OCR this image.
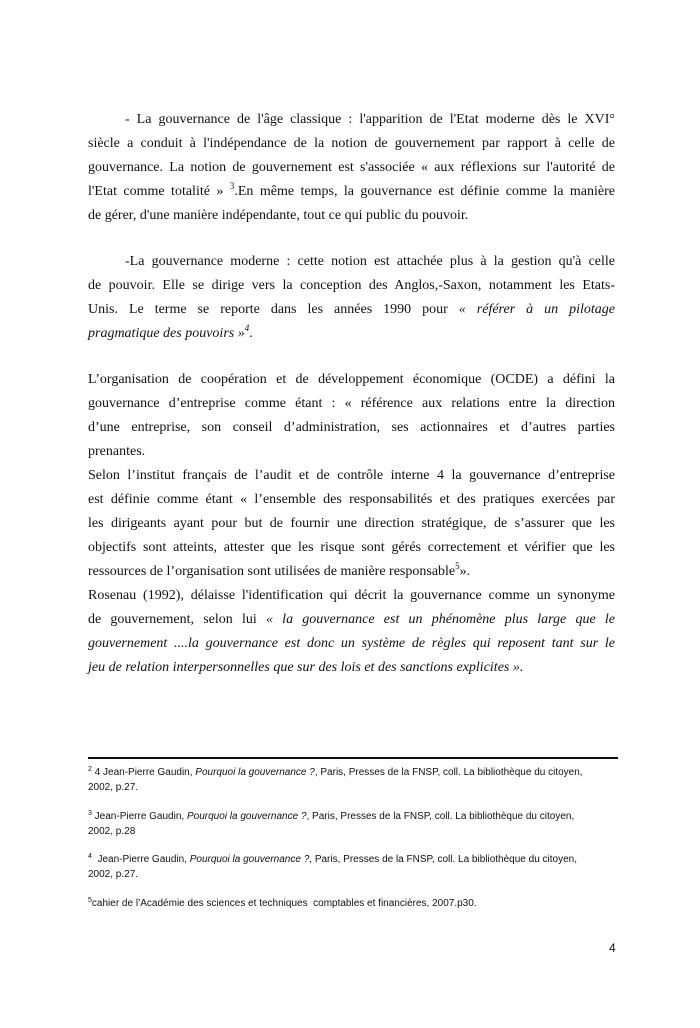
- La gouvernance de l'âge classique : l'apparition de l'Etat moderne dès le XVI°
siècle a conduit à l'indépendance de la notion de gouvernement par rapport à celle de
gouvernance. La notion de gouvernement est s'associée « aux réflexions sur l'autorité de
l'Etat comme totalité » $^3$.En même temps, la gouvernance est définie comme la manière
de gérer, d'une manière indépendante, tout ce qui public du pouvoir.
-La gouvernance moderne : cette notion est attachée plus à la gestion qu'à celle
de pouvoir. Elle se dirige vers la conception des Anglos,-Saxon, notamment les Etats-
Unis. Le terme se reporte dans les années 1990 pour « référer à un pilotage
pragmatique des pouvoirs »$^4$.
L’organisation de coopération et de développement économique (OCDE) a défini la
gouvernance d’entreprise comme étant : « référence aux relations entre la direction
d’une entreprise, son conseil d’administration, ses actionnaires et d’autres parties
prenantes.
Selon l’institut français de l’audit et de contrôle interne 4 la gouvernance d’entreprise
est définie comme étant « l’ensemble des responsabilités et des pratiques exercées par
les dirigeants ayant pour but de fournir une direction stratégique, de s’assurer que les
objectifs sont atteints, attester que les risque sont gérés correctement et vérifier que les
ressources de l’organisation sont utilisées de manière responsable$^5$».
Rosenau (1992), délaisse l'identification qui décrit la gouvernance comme un synonyme
de gouvernement, selon lui « la gouvernance est un phénomène plus large que le
gouvernement ....la gouvernance est donc un système de règles qui reposent tant sur le
jeu de relation interpersonnelles que sur des lois et des sanctions explicites ».
$^2$ 4 Jean-Pierre Gaudin, Pourquoi la gouvernance ?, Paris, Presses de la FNSP, coll. La bibliothèque du citoyen,
2002, p.27.
$^3$ Jean-Pierre Gaudin, Pourquoi la gouvernance ?, Paris, Presses de la FNSP, coll. La bibliothèque du citoyen,
2002, p.28
$^4$  Jean-Pierre Gaudin, Pourquoi la gouvernance ?, Paris, Presses de la FNSP, coll. La bibliothèque du citoyen,
2002, p.27.
$^5$cahier de l’Académie des sciences et techniques  comptables et financières, 2007.p30.
4
